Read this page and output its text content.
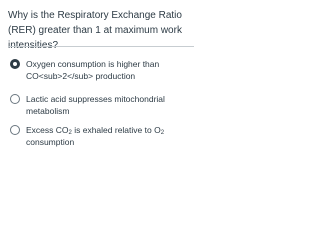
Why is the Respiratory Exchange Ratio (RER) greater than 1 at maximum work
Oxygen consumption is higher than
CO<sub>2</sub> production
Lactic acid suppresses mitochondrial
metabolism
Excess $CO_2$ is exhaled relative to $O_2$
consumption
